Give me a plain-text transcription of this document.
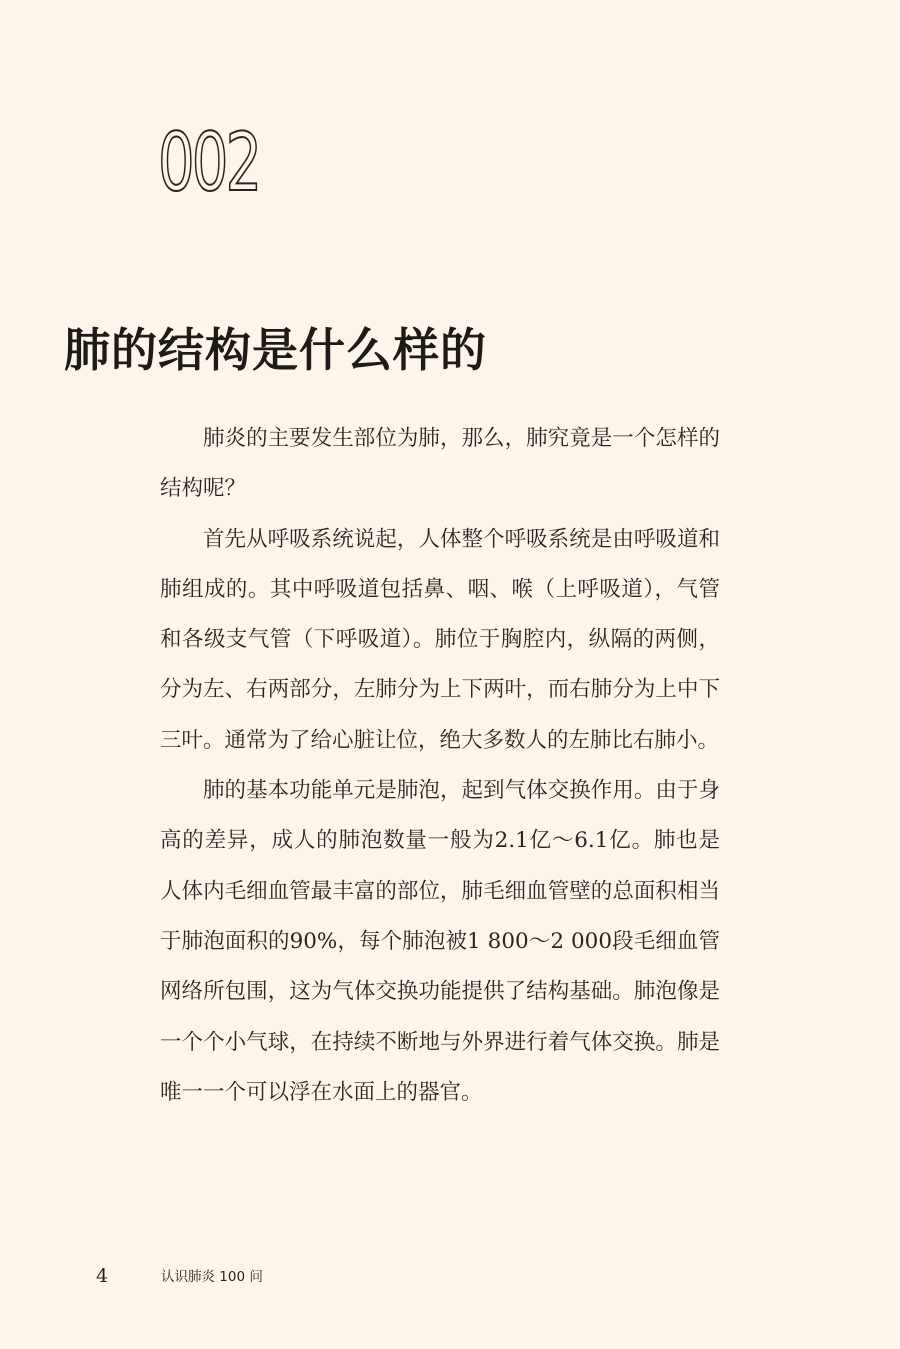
002
肺的结构是什么样的

肺炎的主要发生部位为肺，那么，肺究竟是一个怎样的结构呢？

首先从呼吸系统说起，人体整个呼吸系统是由呼吸道和肺组成的。其中呼吸道包括鼻、咽、喉（上呼吸道），气管和各级支气管（下呼吸道）。肺位于胸腔内，纵隔的两侧，分为左、右两部分，左肺分为上下两叶，而右肺分为上中下三叶。通常为了给心脏让位，绝大多数人的左肺比右肺小。

肺的基本功能单元是肺泡，起到气体交换作用。由于身高的差异，成人的肺泡数量一般为2.1亿～6.1亿。肺也是人体内毛细血管最丰富的部位，肺毛细血管壁的总面积相当于肺泡面积的90%，每个肺泡被1 800～2 000段毛细血管网络所包围，这为气体交换功能提供了结构基础。肺泡像是一个个小气球，在持续不断地与外界进行着气体交换。肺是唯一一个可以浮在水面上的器官。

4	认识肺炎 100 问
